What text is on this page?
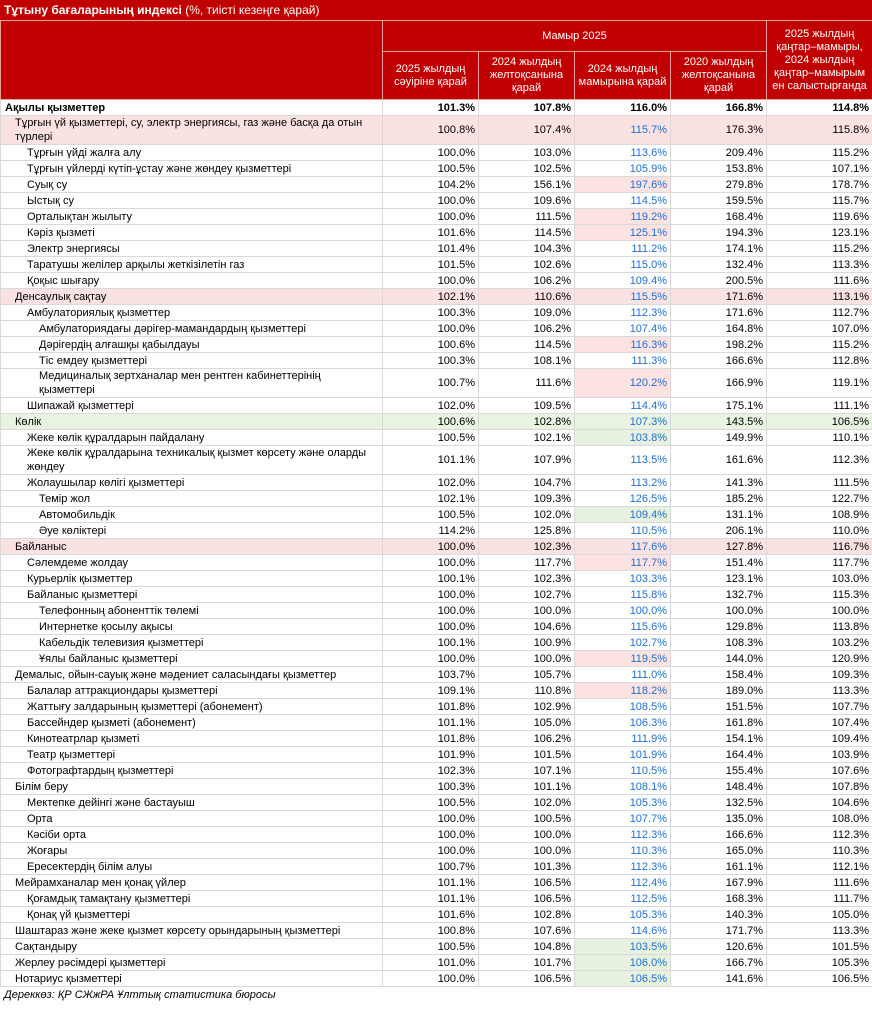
Тұтыну бағаларының индексі (%, тиісті кезеңге қарай)
	Мамыр 2025				2025 жылдың қаңтар–мамыры, 2024 жылдың қаңтар–мамырым ен салыстырғанда
	2025 жылдың сәуіріне қарай	2024 жылдың желтоқсанына қарай	2024 жылдың мамырына қарай	2020 жылдың желтоқсанына қарай	
Ақылы қызметтер	101.3%	107.8%	116.0%	166.8%	114.8%
Тұрғын үй қызметтері, су, электр энергиясы, газ және басқа да отын түрлері	100.8%	107.4%	115.7%	176.3%	115.8%
Тұрғын үйді жалға алу	100.0%	103.0%	113.6%	209.4%	115.2%
Тұрғын үйлерді күтіп-ұстау және жөндеу қызметтері	100.5%	102.5%	105.9%	153.8%	107.1%
Суық су	104.2%	156.1%	197.6%	279.8%	178.7%
Ыстық су	100.0%	109.6%	114.5%	159.5%	115.7%
Орталықтан жылыту	100.0%	111.5%	119.2%	168.4%	119.6%
Кәріз қызметі	101.6%	114.5%	125.1%	194.3%	123.1%
Электр энергиясы	101.4%	104.3%	111.2%	174.1%	115.2%
Таратушы желілер арқылы жеткізілетін газ	101.5%	102.6%	115.0%	132.4%	113.3%
Қоқыс шығару	100.0%	106.2%	109.4%	200.5%	111.6%
Денсаулық сақтау	102.1%	110.6%	115.5%	171.6%	113.1%
Амбулаториялық қызметтер	100.3%	109.0%	112.3%	171.6%	112.7%
Амбулаториядағы дәрігер-мамандардың қызметтері	100.0%	106.2%	107.4%	164.8%	107.0%
Дәрігердің алғашқы қабылдауы	100.6%	114.5%	116.3%	198.2%	115.2%
Тіс емдеу қызметтері	100.3%	108.1%	111.3%	166.6%	112.8%
Медициналық зертханалар мен рентген кабинеттерінің қызметтері	100.7%	111.6%	120.2%	166.9%	119.1%
Шипажай қызметтері	102.0%	109.5%	114.4%	175.1%	111.1%
Көлік	100.6%	102.8%	107.3%	143.5%	106.5%
Жеке көлік құралдарын пайдалану	100.5%	102.1%	103.8%	149.9%	110.1%
Жеке көлік құралдарына техникалық қызмет көрсету және оларды жөндеу	101.1%	107.9%	113.5%	161.6%	112.3%
Жолаушылар көлігі қызметтері	102.0%	104.7%	113.2%	141.3%	111.5%
Темір жол	102.1%	109.3%	126.5%	185.2%	122.7%
Автомобильдік	100.5%	102.0%	109.4%	131.1%	108.9%
Әуе көліктері	114.2%	125.8%	110.5%	206.1%	110.0%
Байланыс	100.0%	102.3%	117.6%	127.8%	116.7%
Сәлемдеме жолдау	100.0%	117.7%	117.7%	151.4%	117.7%
Курьерлік қызметтер	100.1%	102.3%	103.3%	123.1%	103.0%
Байланыс қызметтері	100.0%	102.7%	115.8%	132.7%	115.3%
Телефонның абоненттік төлемі	100.0%	100.0%	100.0%	100.0%	100.0%
Интернетке қосылу ақысы	100.0%	104.6%	115.6%	129.8%	113.8%
Кабельдік телевизия қызметтері	100.1%	100.9%	102.7%	108.3%	103.2%
Ұялы байланыс қызметтері	100.0%	100.0%	119.5%	144.0%	120.9%
Демалыс, ойын-сауық және мәдениет саласындағы қызметтер	103.7%	105.7%	111.0%	158.4%	109.3%
Балалар аттракциондары қызметтері	109.1%	110.8%	118.2%	189.0%	113.3%
Жаттығу залдарының қызметтері (абонемент)	101.8%	102.9%	108.5%	151.5%	107.7%
Бассейндер қызметі (абонемент)	101.1%	105.0%	106.3%	161.8%	107.4%
Кинотеатрлар қызметі	101.8%	106.2%	111.9%	154.1%	109.4%
Театр қызметтері	101.9%	101.5%	101.9%	164.4%	103.9%
Фотографтардың қызметтері	102.3%	107.1%	110.5%	155.4%	107.6%
Білім беру	100.3%	101.1%	108.1%	148.4%	107.8%
Мектепке дейінгі және бастауыш	100.5%	102.0%	105.3%	132.5%	104.6%
Орта	100.0%	100.5%	107.7%	135.0%	108.0%
Кәсіби орта	100.0%	100.0%	112.3%	166.6%	112.3%
Жоғары	100.0%	100.0%	110.3%	165.0%	110.3%
Ересектердің білім алуы	100.7%	101.3%	112.3%	161.1%	112.1%
Мейрамханалар мен қонақ үйлер	101.1%	106.5%	112.4%	167.9%	111.6%
Қоғамдық тамақтану қызметтері	101.1%	106.5%	112.5%	168.3%	111.7%
Қонақ үй қызметтері	101.6%	102.8%	105.3%	140.3%	105.0%
Шаштараз және жеке қызмет көрсету орындарының қызметтері	100.8%	107.6%	114.6%	171.7%	113.3%
Сақтандыру	100.5%	104.8%	103.5%	120.6%	101.5%
Жерлеу рәсімдері қызметтері	101.0%	101.7%	106.0%	166.7%	105.3%
Нотариус қызметтері	100.0%	106.5%	106.5%	141.6%	106.5%
Дереккөз: ҚР СЖжРА Ұлттық статистика бюросы
